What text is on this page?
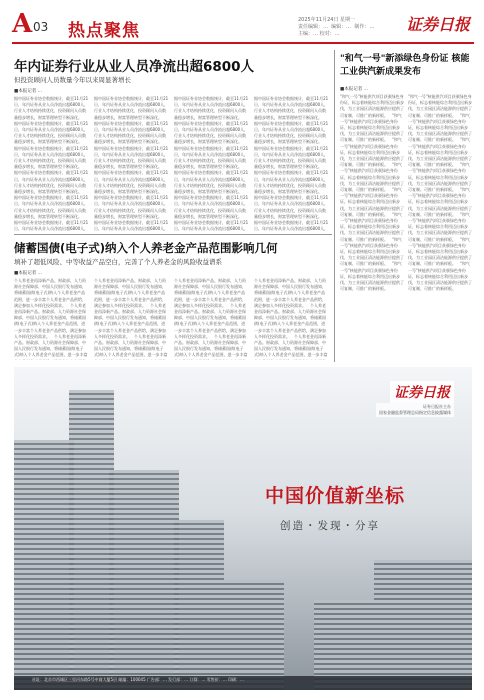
A 03 热点聚焦
2025年11月24日 星期一
责任编辑：…  编辑：…  制作：…
主编：… 校对：…	证券日报
年内证券行业从业人员净流出超6800人
但投资顾问人员数量今年以来周显著增长
■本报记者 …
据中国证券业协会数据统计，截至11月21日，年内证券从业人员净流出超6800人，行业人才结构持续优化，投资顾问人员数量稳步增长，财富管理转型不断深化。　据中国证券业协会数据统计，截至11月21日，年内证券从业人员净流出超6800人，行业人才结构持续优化，投资顾问人员数量稳步增长，财富管理转型不断深化。　据中国证券业协会数据统计，截至11月21日，年内证券从业人员净流出超6800人，行业人才结构持续优化，投资顾问人员数量稳步增长，财富管理转型不断深化。　据中国证券业协会数据统计，截至11月21日，年内证券从业人员净流出超6800人，行业人才结构持续优化，投资顾问人员数量稳步增长，财富管理转型不断深化。　据中国证券业协会数据统计，截至11月21日，年内证券从业人员净流出超6800人，行业人才结构持续优化，投资顾问人员数量稳步增长，财富管理转型不断深化。　据中国证券业协会数据统计，截至11月21日，年内证券从业人员净流出超6800人，　　　
据中国证券业协会数据统计，截至11月21日，年内证券从业人员净流出超6800人，行业人才结构持续优化，投资顾问人员数量稳步增长，财富管理转型不断深化。　据中国证券业协会数据统计，截至11月21日，年内证券从业人员净流出超6800人，行业人才结构持续优化，投资顾问人员数量稳步增长，财富管理转型不断深化。　据中国证券业协会数据统计，截至11月21日，年内证券从业人员净流出超6800人，行业人才结构持续优化，投资顾问人员数量稳步增长，财富管理转型不断深化。　据中国证券业协会数据统计，截至11月21日，年内证券从业人员净流出超6800人，行业人才结构持续优化，投资顾问人员数量稳步增长，财富管理转型不断深化。　据中国证券业协会数据统计，截至11月21日，年内证券从业人员净流出超6800人，行业人才结构持续优化，投资顾问人员数量稳步增长，财富管理转型不断深化。　据中国证券业协会数据统计，截至11月21日，年内证券从业人员净流出超6800人，　　　
据中国证券业协会数据统计，截至11月21日，年内证券从业人员净流出超6800人，行业人才结构持续优化，投资顾问人员数量稳步增长，财富管理转型不断深化。　据中国证券业协会数据统计，截至11月21日，年内证券从业人员净流出超6800人，行业人才结构持续优化，投资顾问人员数量稳步增长，财富管理转型不断深化。　据中国证券业协会数据统计，截至11月21日，年内证券从业人员净流出超6800人，行业人才结构持续优化，投资顾问人员数量稳步增长，财富管理转型不断深化。　据中国证券业协会数据统计，截至11月21日，年内证券从业人员净流出超6800人，行业人才结构持续优化，投资顾问人员数量稳步增长，财富管理转型不断深化。　据中国证券业协会数据统计，截至11月21日，年内证券从业人员净流出超6800人，行业人才结构持续优化，投资顾问人员数量稳步增长，财富管理转型不断深化。　据中国证券业协会数据统计，截至11月21日，年内证券从业人员净流出超6800人，　　　
据中国证券业协会数据统计，截至11月21日，年内证券从业人员净流出超6800人，行业人才结构持续优化，投资顾问人员数量稳步增长，财富管理转型不断深化。　据中国证券业协会数据统计，截至11月21日，年内证券从业人员净流出超6800人，行业人才结构持续优化，投资顾问人员数量稳步增长，财富管理转型不断深化。　据中国证券业协会数据统计，截至11月21日，年内证券从业人员净流出超6800人，行业人才结构持续优化，投资顾问人员数量稳步增长，财富管理转型不断深化。　据中国证券业协会数据统计，截至11月21日，年内证券从业人员净流出超6800人，行业人才结构持续优化，投资顾问人员数量稳步增长，财富管理转型不断深化。　据中国证券业协会数据统计，截至11月21日，年内证券从业人员净流出超6800人，行业人才结构持续优化，投资顾问人员数量稳步增长，财富管理转型不断深化。　据中国证券业协会数据统计，截至11月21日，年内证券从业人员净流出超6800人，　　　
储蓄国债(电子式)纳入个人养老金产品范围影响几何
填补了超低风险、中等收益产品空白，完善了个人养老金的风险收益谱系
■本报记者 …
个人养老金再添新产品。财政部、人力资源社会保障部、中国人民银行发布通知，将储蓄国债(电子式)纳入个人养老金产品范围，进一步丰富个人养老金产品供给，满足参加人多样化投资需求。　个人养老金再添新产品。财政部、人力资源社会保障部、中国人民银行发布通知，将储蓄国债(电子式)纳入个人养老金产品范围，进一步丰富个人养老金产品供给，满足参加人多样化投资需求。　个人养老金再添新产品。财政部、人力资源社会保障部、中国人民银行发布通知，将储蓄国债(电子式)纳入个人养老金产品范围，进一步丰富　　　　　　
个人养老金再添新产品。财政部、人力资源社会保障部、中国人民银行发布通知，将储蓄国债(电子式)纳入个人养老金产品范围，进一步丰富个人养老金产品供给，满足参加人多样化投资需求。　个人养老金再添新产品。财政部、人力资源社会保障部、中国人民银行发布通知，将储蓄国债(电子式)纳入个人养老金产品范围，进一步丰富个人养老金产品供给，满足参加人多样化投资需求。　个人养老金再添新产品。财政部、人力资源社会保障部、中国人民银行发布通知，将储蓄国债(电子式)纳入个人养老金产品范围，进一步丰富　　　　　　
个人养老金再添新产品。财政部、人力资源社会保障部、中国人民银行发布通知，将储蓄国债(电子式)纳入个人养老金产品范围，进一步丰富个人养老金产品供给，满足参加人多样化投资需求。　个人养老金再添新产品。财政部、人力资源社会保障部、中国人民银行发布通知，将储蓄国债(电子式)纳入个人养老金产品范围，进一步丰富个人养老金产品供给，满足参加人多样化投资需求。　个人养老金再添新产品。财政部、人力资源社会保障部、中国人民银行发布通知，将储蓄国债(电子式)纳入个人养老金产品范围，进一步丰富　　　　　　
个人养老金再添新产品。财政部、人力资源社会保障部、中国人民银行发布通知，将储蓄国债(电子式)纳入个人养老金产品范围，进一步丰富个人养老金产品供给，满足参加人多样化投资需求。　个人养老金再添新产品。财政部、人力资源社会保障部、中国人民银行发布通知，将储蓄国债(电子式)纳入个人养老金产品范围，进一步丰富个人养老金产品供给，满足参加人多样化投资需求。　个人养老金再添新产品。财政部、人力资源社会保障部、中国人民银行发布通知，将储蓄国债(电子式)纳入个人养老金产品范围，进一步丰富　　　　　　
"和气一号"新添绿色身份证 核能工业供汽新成果发布
■本报记者 …
"和气一号"核能供汽项目获颁绿色身份证，标志着核能综合利用迈出新步伐，为工业园区清洁能源供应提供了可复制、可推广的新样板。　"和气一号"核能供汽项目获颁绿色身份证，标志着核能综合利用迈出新步伐，为工业园区清洁能源供应提供了可复制、可推广的新样板。　"和气一号"核能供汽项目获颁绿色身份证，标志着核能综合利用迈出新步伐，为工业园区清洁能源供应提供了可复制、可推广的新样板。　"和气一号"核能供汽项目获颁绿色身份证，标志着核能综合利用迈出新步伐，为工业园区清洁能源供应提供了可复制、可推广的新样板。　"和气一号"核能供汽项目获颁绿色身份证，标志着核能综合利用迈出新步伐，为工业园区清洁能源供应提供了可复制、可推广的新样板。　"和气一号"核能供汽项目获颁绿色身份证，标志着核能综合利用迈出新步伐，为工业园区清洁能源供应提供了可复制、可推广的新样板。　"和气一号"核能供汽项目获颁绿色身份证，标志着核能综合利用迈出新步伐，为工业园区清洁能源供应提供了可复制、可推广的新样板。　"和气一号"核能供汽项目获颁绿色身份证，标志着核能综合利用迈出新步伐，为工业园区清洁能源供应提供了可复制、可推广的新样板。　
"和气一号"核能供汽项目获颁绿色身份证，标志着核能综合利用迈出新步伐，为工业园区清洁能源供应提供了可复制、可推广的新样板。　"和气一号"核能供汽项目获颁绿色身份证，标志着核能综合利用迈出新步伐，为工业园区清洁能源供应提供了可复制、可推广的新样板。　"和气一号"核能供汽项目获颁绿色身份证，标志着核能综合利用迈出新步伐，为工业园区清洁能源供应提供了可复制、可推广的新样板。　"和气一号"核能供汽项目获颁绿色身份证，标志着核能综合利用迈出新步伐，为工业园区清洁能源供应提供了可复制、可推广的新样板。　"和气一号"核能供汽项目获颁绿色身份证，标志着核能综合利用迈出新步伐，为工业园区清洁能源供应提供了可复制、可推广的新样板。　"和气一号"核能供汽项目获颁绿色身份证，标志着核能综合利用迈出新步伐，为工业园区清洁能源供应提供了可复制、可推广的新样板。　"和气一号"核能供汽项目获颁绿色身份证，标志着核能综合利用迈出新步伐，为工业园区清洁能源供应提供了可复制、可推广的新样板。　"和气一号"核能供汽项目获颁绿色身份证，标志着核能综合利用迈出新步伐，为工业园区清洁能源供应提供了可复制、可推广的新样板。　
证券日报
证券日报社主办
国家金融监督管理总局指定信息披露媒体
中国价值新坐标
创造・发现・分享
社址：北京市西城区三里河东路5号中商大厦5层 邮编：100045 广告部：… 发行部：… 订阅：… 零售价：… 印刷：…
